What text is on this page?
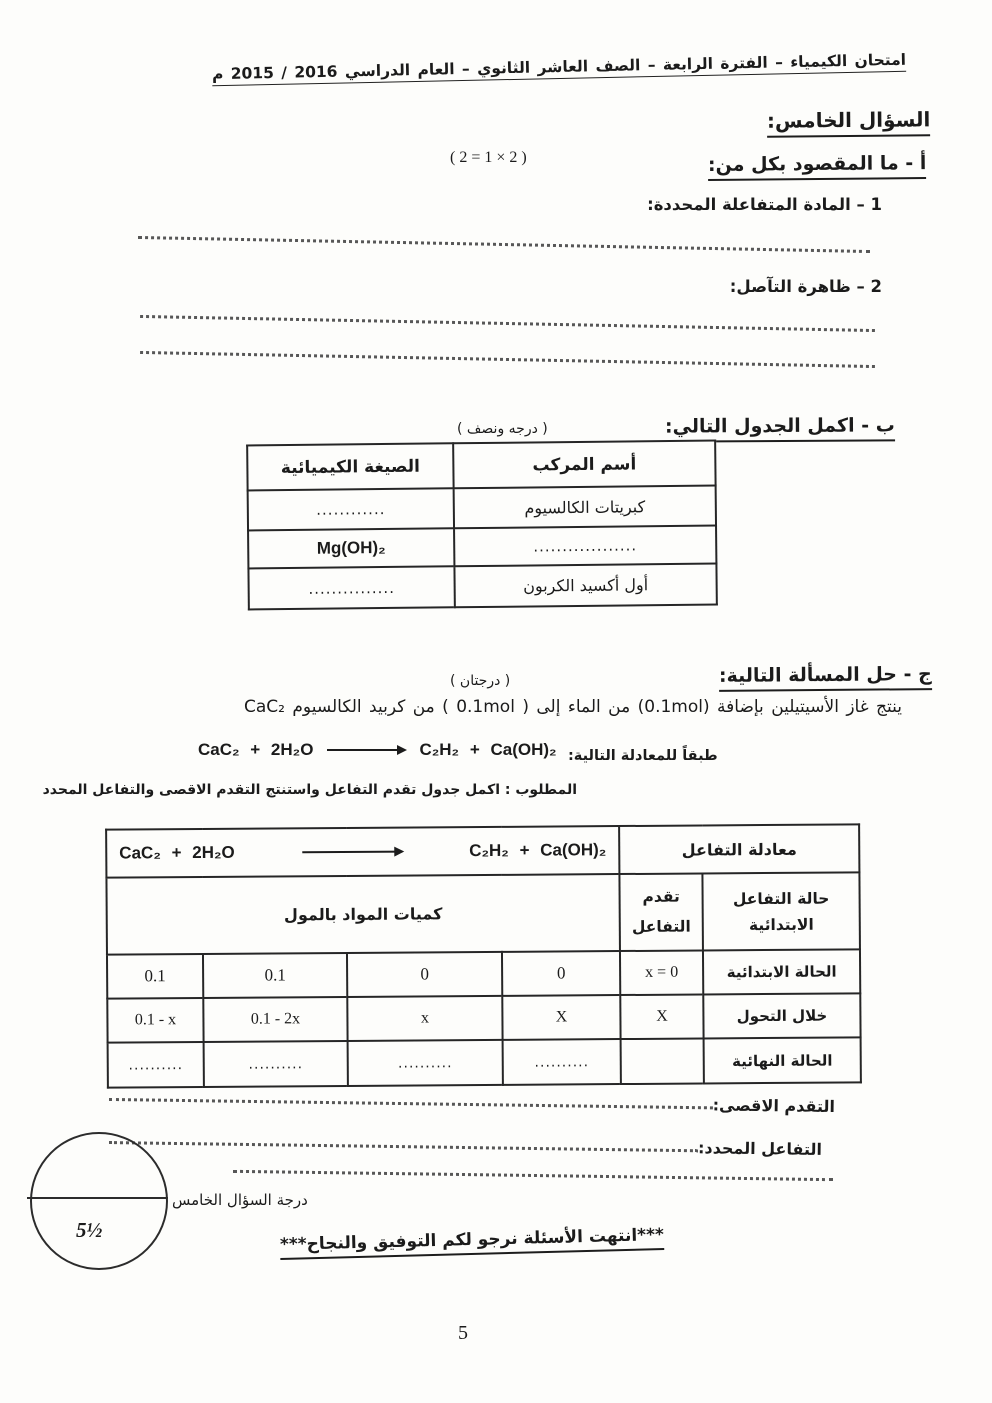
امتحان الكيمياء – الفترة الرابعة – الصف العاشر الثانوي – العام الدراسي 2015 / 2016 م
السؤال الخامس:
أ - ما المقصود بكل من:
( 2 = 1 × 2 )
1 – المادة المتفاعلة المحددة:
2 – ظاهرة التآصل:
ب - اكمل الجدول التالي:
( درجه ونصف )
أسم المركب	الصيغة الكيميائية
كبريتات الكالسيوم	............
..................	Mg(OH)₂
أول أكسيد الكربون	...............
ج - حل المسألة التالية:
( درجتان )
ينتج غاز الأسيتيلين بإضافة (0.1mol) من الماء إلى ( 0.1mol ) من كربيد الكالسيوم CaC₂
طبقاً للمعادلة التالية:
CaC₂ + 2H₂O	C₂H₂ + Ca(OH)₂
المطلوب : اكمل جدول تقدم التفاعل واستنتج التقدم الاقصى والتفاعل المحدد
معادلة التفاعل		CaC₂ + 2H₂O C₂H₂ + Ca(OH)₂			

حالة التفاعل
الابتدائية	تقدم التفاعل	كميات المواد بالمول			
الحالة الابتدائية	x = 0	0	0	0.1	0.1
خلال التحول	X	X	x	0.1 - 2x	0.1 - x
الحالة النهائية		..........	..........	..........	..........
التقدم الاقصى:
التفاعل المحدد:
5½
درجة السؤال الخامس
***انتهت الأسئلة نرجو لكم التوفيق والنجاح***
5
